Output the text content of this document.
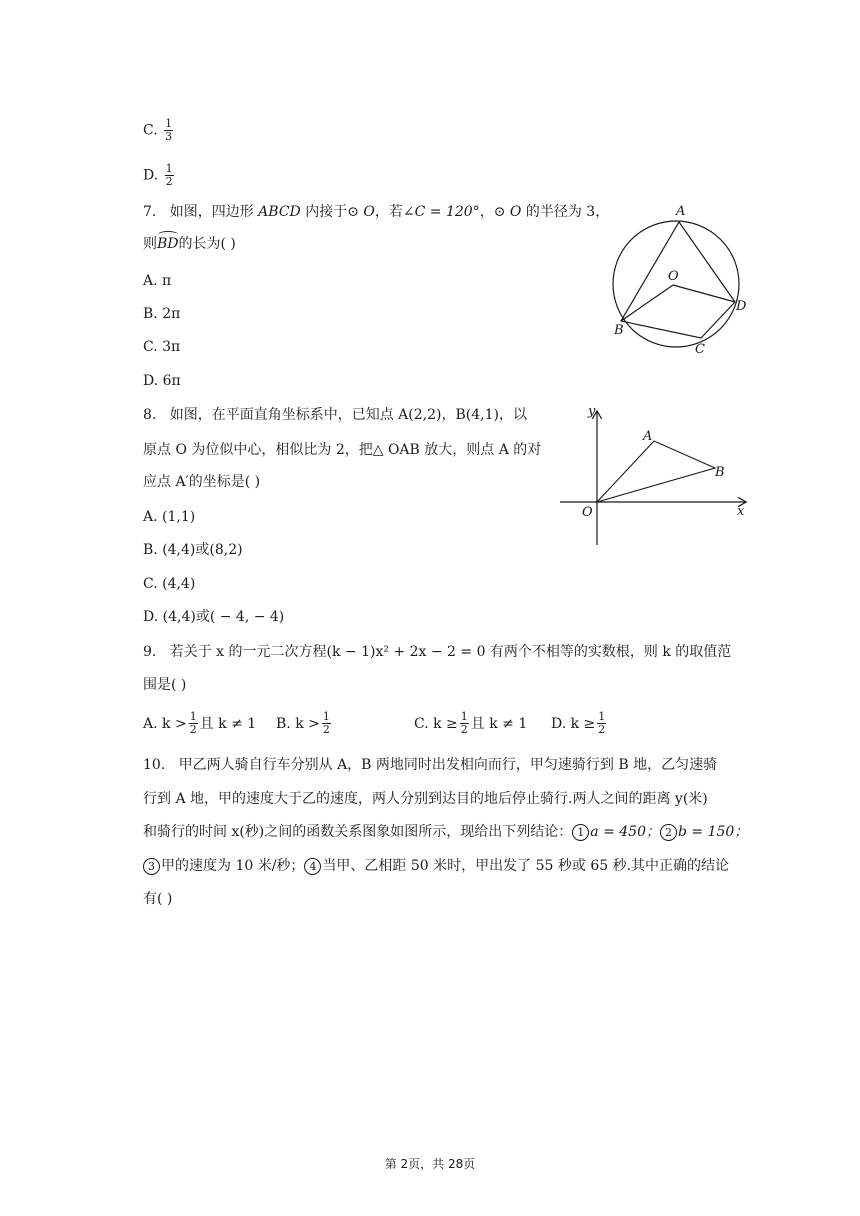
C. $\frac{1}{3}$
D. $\frac{1}{2}$
7. 如图，四边形 ABCD 内接于⊙ O，若∠C = 120°，⊙ O 的半径为 3，
则BD的长为( )
A. π
B. 2π
C. 3π
D. 6π
A
O
B
C
D
8. 如图，在平面直角坐标系中，已知点 A(2,2)，B(4,1)，以
原点 O 为位似中心，相似比为 2，把△ OAB 放大，则点 A 的对
应点 A′的坐标是( )
A. (1,1)
B. (4,4)或(8,2)
C. (4,4)
D. (4,4)或( − 4, − 4)
y
x
A
B
O
9. 若关于 x 的一元二次方程(k − 1)x² + 2x − 2 = 0 有两个不相等的实数根，则 k 的取值范
围是( )
A. $k > \frac{1}{2}$ 且 k ≠ 1 B. $k > \frac{1}{2}$	C. $k \ge \frac{1}{2}$ 且 k ≠ 1 D. $k \ge \frac{1}{2}$
10. 甲乙两人骑自行车分别从 A，B 两地同时出发相向而行，甲匀速骑行到 B 地，乙匀速骑
行到 A 地，甲的速度大于乙的速度，两人分别到达目的地后停止骑行.两人之间的距离 y(米)
和骑行的时间 x(秒)之间的函数关系图象如图所示，现给出下列结论： 1 a = 450； 2 b = 150；
3 甲的速度为 10 米/秒； 4 当甲、乙相距 50 米时，甲出发了 55 秒或 65 秒.其中正确的结论
有( )
第 2页，共 28页
